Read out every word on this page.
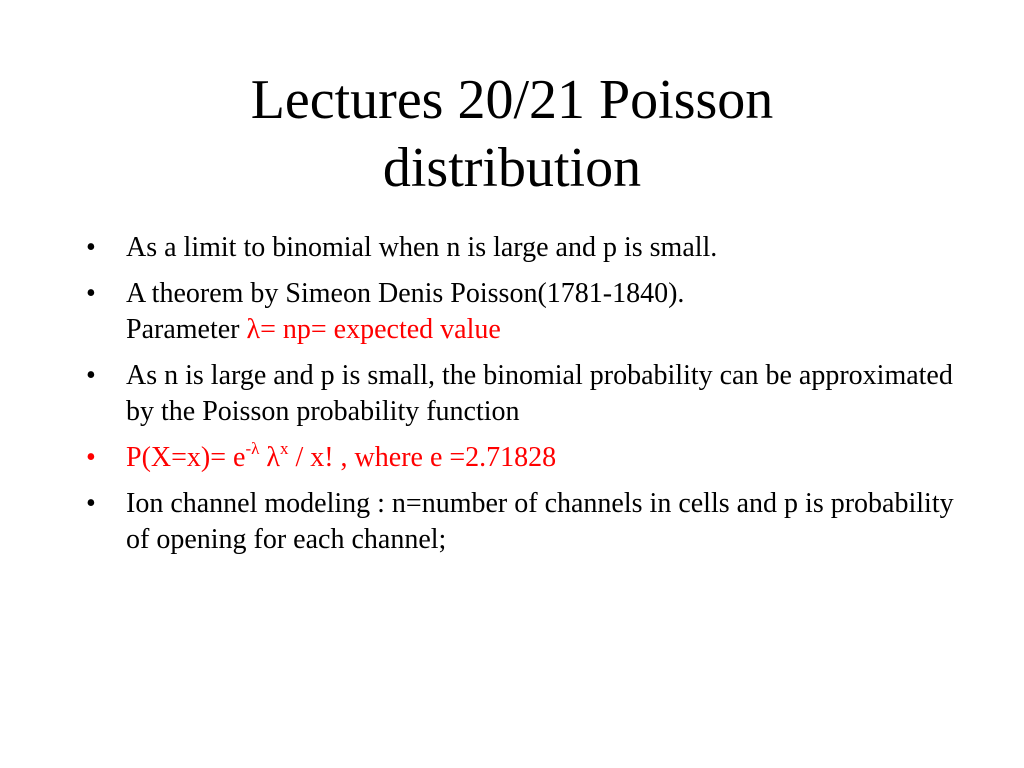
Lectures 20/21 Poisson
distribution
• As a limit to binomial when n is large and p is small.
• A theorem by Simeon Denis Poisson(1781-1840).
Parameter λ= np= expected value
• As n is large and p is small, the binomial probability can be approximated by the Poisson probability function
• $P(X=x)= e^{-\lambda}$ $\lambda^x$ / x! , where e =2.71828
• Ion channel modeling : n=number of channels in cells and p is probability of opening for each channel;
